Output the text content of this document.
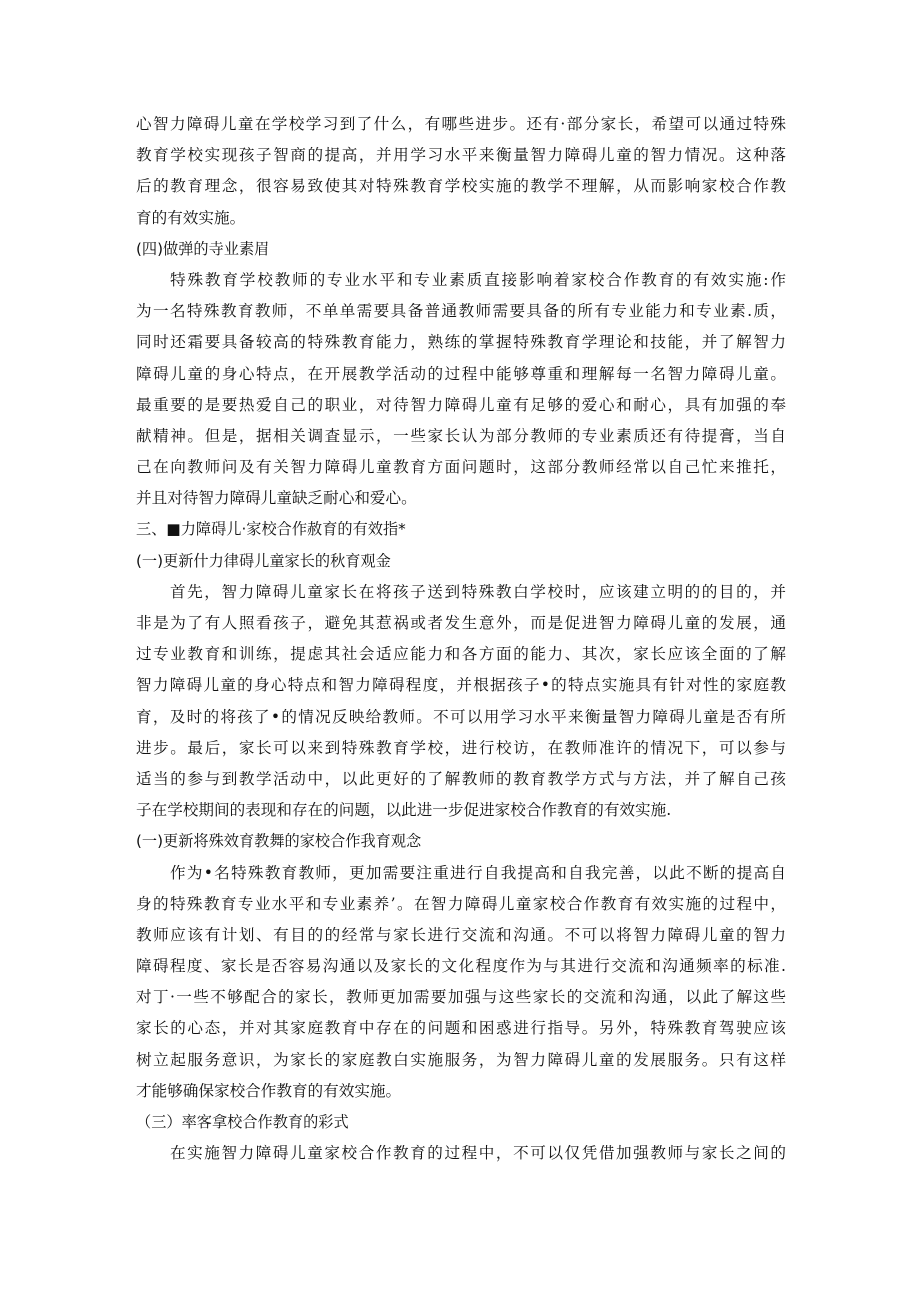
心智力障碍儿童在学校学习到了什么，有哪些进步。还有·部分家长，希望可以通过特殊
教育学校实现孩子智商的提高，并用学习水平来衡量智力障碍儿童的智力情况。这种落
后的教育理念，很容易致使其对特殊教育学校实施的教学不理解，从而影响家校合作教
育的有效实施。
(四)做弹的寺业素眉
特殊教育学校教师的专业水平和专业素质直接影响着家校合作教育的有效实施:作
为一名特殊教育教师，不单单需要具备普通教师需要具备的所有专业能力和专业素.质，
同时还霜要具备较高的特殊教育能力，熟练的掌握特殊教育学理论和技能，并了解智力
障碍儿童的身心特点，在开展教学活动的过程中能够尊重和理解每一名智力障碍儿童。
最重要的是要热爱自己的职业，对待智力障碍儿童有足够的爱心和耐心，具有加强的奉
献精神。但是，据相关调査显示，一些家长认为部分教师的专业素质还有待提膏，当自
己在向教师问及有关智力障碍儿童教育方面问题时，这部分教师经常以自己忙来推托，
并且对待智力障碍儿童缺乏耐心和爱心。
三、■力障碍儿·家校合作赦育的有效指*
(一)更新什力律碍儿童家长的秋育观金
首先，智力障碍儿童家长在将孩子送到特殊教白学校时，应该建立明的的目的，并
非是为了有人照看孩子，避免其惹祸或者发生意外，而是促进智力障碍儿童的发展，通
过专业教育和训练，提虑其社会适应能力和各方面的能力、其次，家长应该全面的了解
智力障碍儿童的身心特点和智力障碍程度，并根据孩子•的特点实施具有针对性的家庭教
育，及时的将孩了•的情况反映给教师。不可以用学习水平来衡量智力障碍儿童是否有所
进步。最后，家长可以来到特殊教育学校，进行校访，在教师准许的情况下，可以参与
适当的参与到教学活动中，以此更好的了解教师的教育教学方式与方法，并了解自己孩
子在学校期间的表现和存在的问题，以此进一步促进家校合作教育的有效实施.
(一)更新将殊效育教舞的家校合作我育观念
作为•名特殊教育教师，更加需要注重进行自我提高和自我完善，以此不断的提高自
身的特殊教育专业水平和专业素养’。在智力障碍儿童家校合作教育有效实施的过程中，
教师应该有计划、有目的的经常与家长进行交流和沟通。不可以将智力障碍儿童的智力
障碍程度、家长是否容易沟通以及家长的文化程度作为与其进行交流和沟通频率的标准.
对丁·一些不够配合的家长，教师更加需要加强与这些家长的交流和沟通，以此了解这些
家长的心态，并对其家庭教育中存在的问题和困惑进行指导。另外，特殊教育驾驶应该
树立起服务意识，为家长的家庭教白实施服务，为智力障碍儿童的发展服务。只有这样
才能够确保家校合作教育的有效实施。
（三）率客拿校合作教育的彩式
在实施智力障碍儿童家校合作教育的过程中，不可以仅凭借加强教师与家长之间的
